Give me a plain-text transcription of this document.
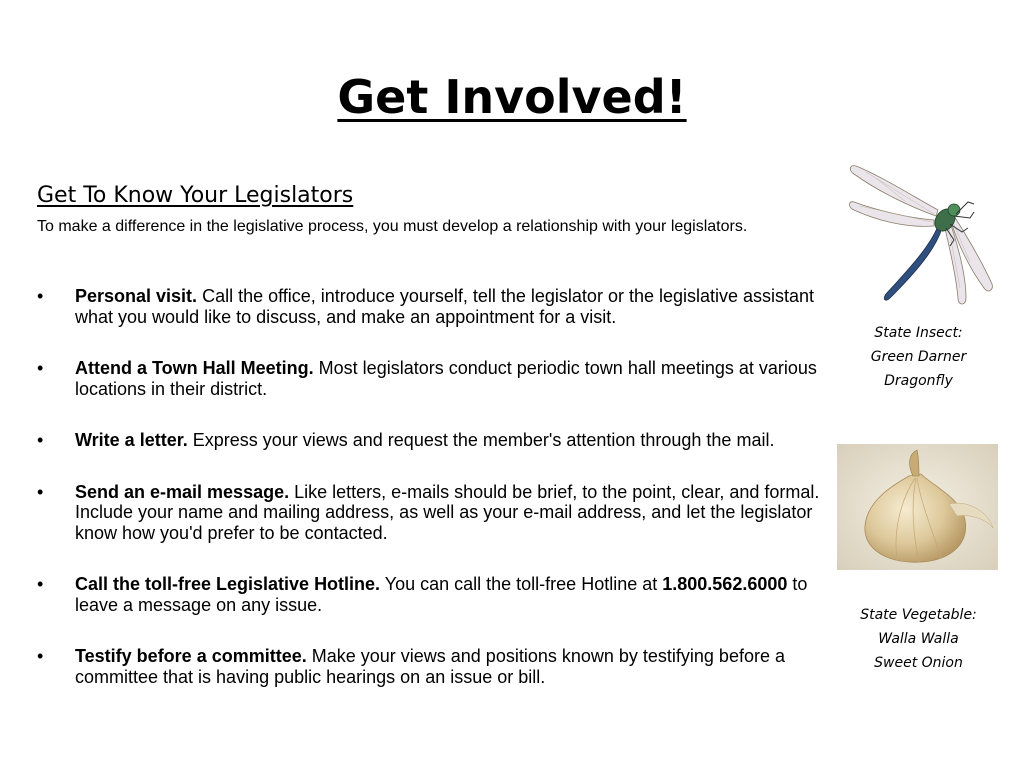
Get Involved!
Get To Know Your Legislators

To make a difference in the legislative process, you must develop a relationship with your legislators.

• Personal visit. Call the office, introduce yourself, tell the legislator or the legislative assistant what you would like to discuss, and make an appointment for a visit.
• Attend a Town Hall Meeting. Most legislators conduct periodic town hall meetings at various locations in their district.
• Write a letter. Express your views and request the member's attention through the mail.
• Send an e-mail message. Like letters, e-mails should be brief, to the point, clear, and formal. Include your name and mailing address, as well as your e-mail address, and let the legislator know how you'd prefer to be contacted.
• Call the toll-free Legislative Hotline. You can call the toll-free Hotline at 1.800.562.6000 to leave a message on any issue.
• Testify before a committee. Make your views and positions known by testifying before a committee that is having public hearings on an issue or bill.
State Insect:
Green Darner
Dragonfly
State Vegetable:
Walla Walla
Sweet Onion
